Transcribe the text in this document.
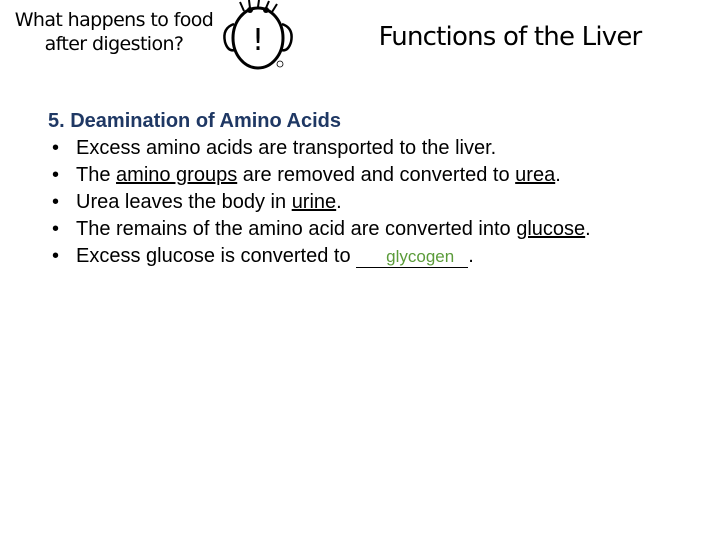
What happens to food
after digestion?	!	Functions of the Liver
5. Deamination of Amino Acids
• Excess amino acids are transported to the liver.
• The amino groups are removed and converted to urea.
• Urea leaves the body in urine.
• The remains of the amino acid are converted into glucose.
• Excess glucose is converted to glycogen .
